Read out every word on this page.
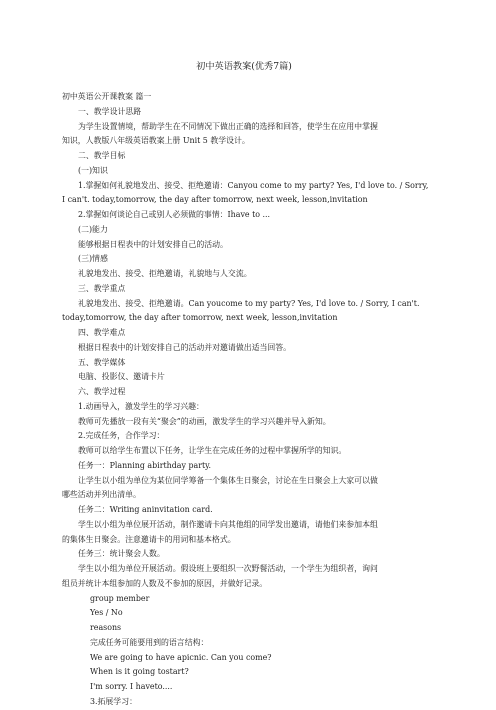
初中英语教案(优秀7篇)
初中英语公开课教案 篇一
一、教学设计思路
为学生设置情境，帮助学生在不同情况下做出正确的选择和回答，使学生在应用中掌握
知识，人教版八年级英语教案上册 Unit 5 教学设计。
二、教学目标
(一)知识
1.掌握如何礼貌地发出、接受、拒绝邀请：Canyou come to my party? Yes, I'd love to. / Sorry,
I can't. today,tomorrow, the day after tomorrow, next week, lesson,invitation
2.掌握如何谈论自己或别人必须做的事情：Ihave to ...
(二)能力
能够根据日程表中的计划安排自己的活动。
(三)情感
礼貌地发出、接受、拒绝邀请，礼貌地与人交流。
三、教学重点
礼貌地发出、接受、拒绝邀请。Can youcome to my party? Yes, I'd love to. / Sorry, I can't.
today,tomorrow, the day after tomorrow, next week, lesson,invitation
四、教学难点
根据日程表中的计划安排自己的活动并对邀请做出适当回答。
五、教学媒体
电脑、投影仪、邀请卡片
六、教学过程
1.动画导入，激发学生的学习兴趣：
教师可先播放一段有关“聚会”的动画，激发学生的学习兴趣并导入新知。
2.完成任务，合作学习：
教师可以给学生布置以下任务，让学生在完成任务的过程中掌握所学的知识。
任务一：Planning abirthday party.
让学生以小组为单位为某位同学筹备一个集体生日聚会，讨论在生日聚会上大家可以做
哪些活动并列出清单。
任务二：Writing aninvitation card.
学生以小组为单位展开活动，制作邀请卡向其他组的同学发出邀请，请他们来参加本组
的集体生日聚会。注意邀请卡的用词和基本格式。
任务三：统计聚会人数。
学生以小组为单位开展活动。假设班上要组织一次野餐活动，一个学生为组织者，询问
组员并统计本组参加的人数及不参加的原因，并做好记录。
group member
Yes / No
reasons
完成任务可能要用到的语言结构：
We are going to have apicnic. Can you come?
When is it going tostart?
I'm sorry. I haveto....
3.拓展学习：
